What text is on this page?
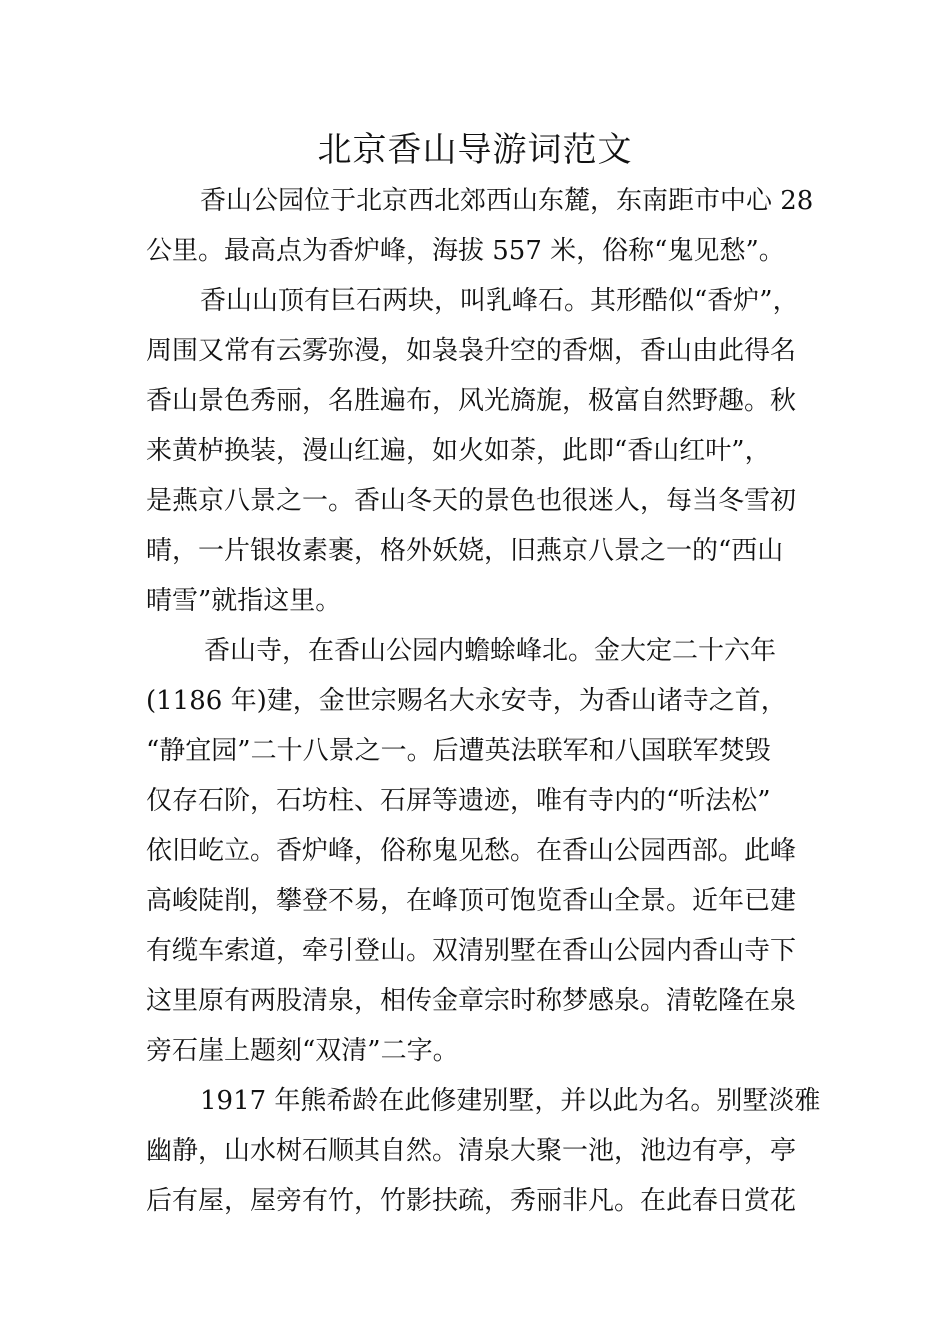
北京香山导游词范文
香山公园位于北京西北郊西山东麓，东南距市中心 28
公里。最高点为香炉峰，海拔 557 米，俗称“鬼见愁”。
香山山顶有巨石两块，叫乳峰石。其形酷似“香炉”，
周围又常有云雾弥漫，如袅袅升空的香烟，香山由此得名
香山景色秀丽，名胜遍布，风光旖旎，极富自然野趣。秋
来黄栌换装，漫山红遍，如火如荼，此即“香山红叶”，
是燕京八景之一。香山冬天的景色也很迷人，每当冬雪初
晴，一片银妆素裹，格外妖娆，旧燕京八景之一的“西山
晴雪”就指这里。
香山寺，在香山公园内蟾蜍峰北。金大定二十六年
(1186 年)建，金世宗赐名大永安寺，为香山诸寺之首，
“静宜园”二十八景之一。后遭英法联军和八国联军焚毁
仅存石阶，石坊柱、石屏等遗迹，唯有寺内的“听法松”
依旧屹立。香炉峰，俗称鬼见愁。在香山公园西部。此峰
高峻陡削，攀登不易，在峰顶可饱览香山全景。近年已建
有缆车索道，牵引登山。双清别墅在香山公园内香山寺下
这里原有两股清泉，相传金章宗时称梦感泉。清乾隆在泉
旁石崖上题刻“双清”二字。
1917 年熊希龄在此修建别墅，并以此为名。别墅淡雅
幽静，山水树石顺其自然。清泉大聚一池，池边有亭，亭
后有屋，屋旁有竹，竹影扶疏，秀丽非凡。在此春日赏花
